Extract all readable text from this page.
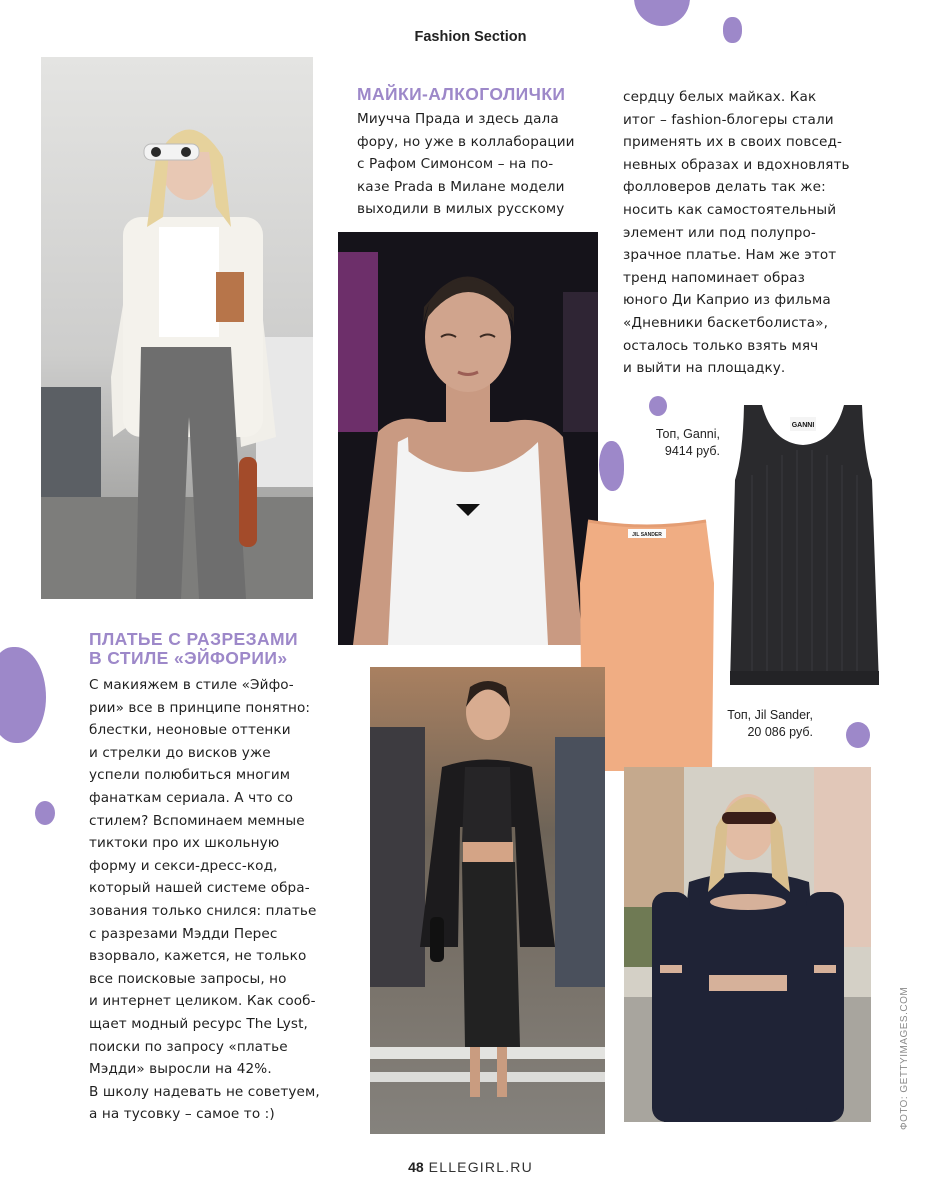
Fashion Section
МАЙКИ-АЛКОГОЛИЧКИ
Миучча Прада и здесь дала
фору, но уже в коллаборации
с Рафом Симонсом – на по-
казе Prada в Милане модели
выходили в милых русскому
сердцу белых майках. Как
итог – fashion-блогеры стали
применять их в своих повсед-
невных образах и вдохновлять
фолловеров делать так же:
носить как самостоятельный
элемент или под полупро-
зрачное платье. Нам же этот
тренд напоминает образ
юного Ди Каприо из фильма
«Дневники баскетболиста»,
осталось только взять мяч
и выйти на площадку.
GANNI
Топ, Ganni,
9414 руб.
JIL SANDER
Топ, Jil Sander,
20 086 руб.
ПЛАТЬЕ С РАЗРЕЗАМИ
В СТИЛЕ «ЭЙФОРИИ»
С макияжем в стиле «Эйфо-
рии» все в принципе понятно:
блестки, неоновые оттенки
и стрелки до висков уже
успели полюбиться многим
фанаткам сериала. А что со
стилем? Вспоминаем мемные
тиктоки про их школьную
форму и секси-дресс-код,
который нашей системе обра-
зования только снился: платье
с разрезами Мэдди Перес
взорвало, кажется, не только
все поисковые запросы, но
и интернет целиком. Как сооб-
щает модный ресурс The Lyst,
поиски по запросу «платье
Мэдди» выросли на 42%.
В школу надевать не советуем,
а на тусовку – самое то :)	ФОТО: GETTYIMAGES.COM
48 ELLEGIRL.RU
